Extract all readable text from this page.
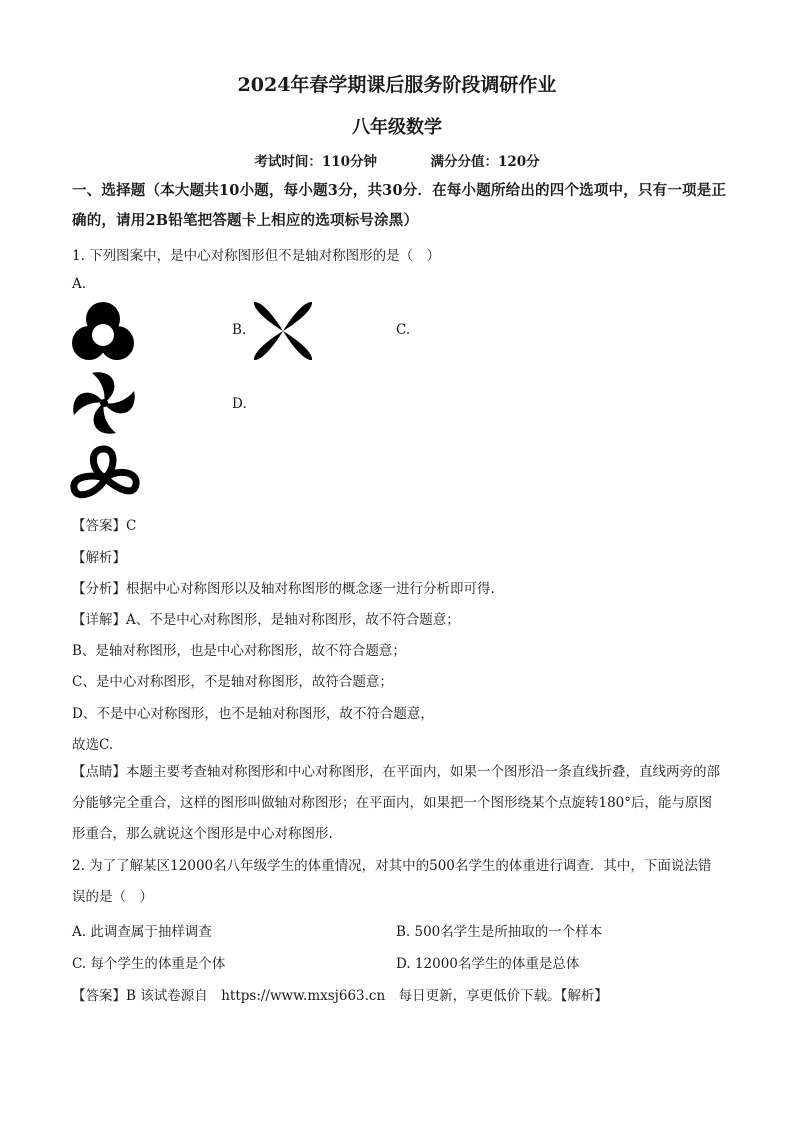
2024年春学期课后服务阶段调研作业
八年级数学
考试时间：110分钟	满分分值：120分
一、选择题（本大题共10小题，每小题3分，共30分．在每小题所给出的四个选项中，只有一项是正确的，请用2B铅笔把答题卡上相应的选项标号涂黑）
1. 下列图案中，是中心对称图形但不是轴对称图形的是（　）
A.
B.	C.
D.
【答案】C
【解析】
【分析】根据中心对称图形以及轴对称图形的概念逐一进行分析即可得.
【详解】A、不是中心对称图形，是轴对称图形，故不符合题意；
B、是轴对称图形，也是中心对称图形，故不符合题意；
C、是中心对称图形，不是轴对称图形，故符合题意；
D、不是中心对称图形，也不是轴对称图形，故不符合题意，
故选C.
【点睛】本题主要考查轴对称图形和中心对称图形，在平面内，如果一个图形沿一条直线折叠，直线两旁的部分能够完全重合，这样的图形叫做轴对称图形；在平面内，如果把一个图形绕某个点旋转180°后，能与原图形重合，那么就说这个图形是中心对称图形.
2. 为了了解某区12000名八年级学生的体重情况，对其中的500名学生的体重进行调查．其中，下面说法错误的是（　）
A. 此调查属于抽样调查	B. 500名学生是所抽取的一个样本
C. 每个学生的体重是个体	D. 12000名学生的体重是总体
【答案】B 该试卷源自　https://www.mxsj663.cn　每日更新，享更低价下载。【解析】
